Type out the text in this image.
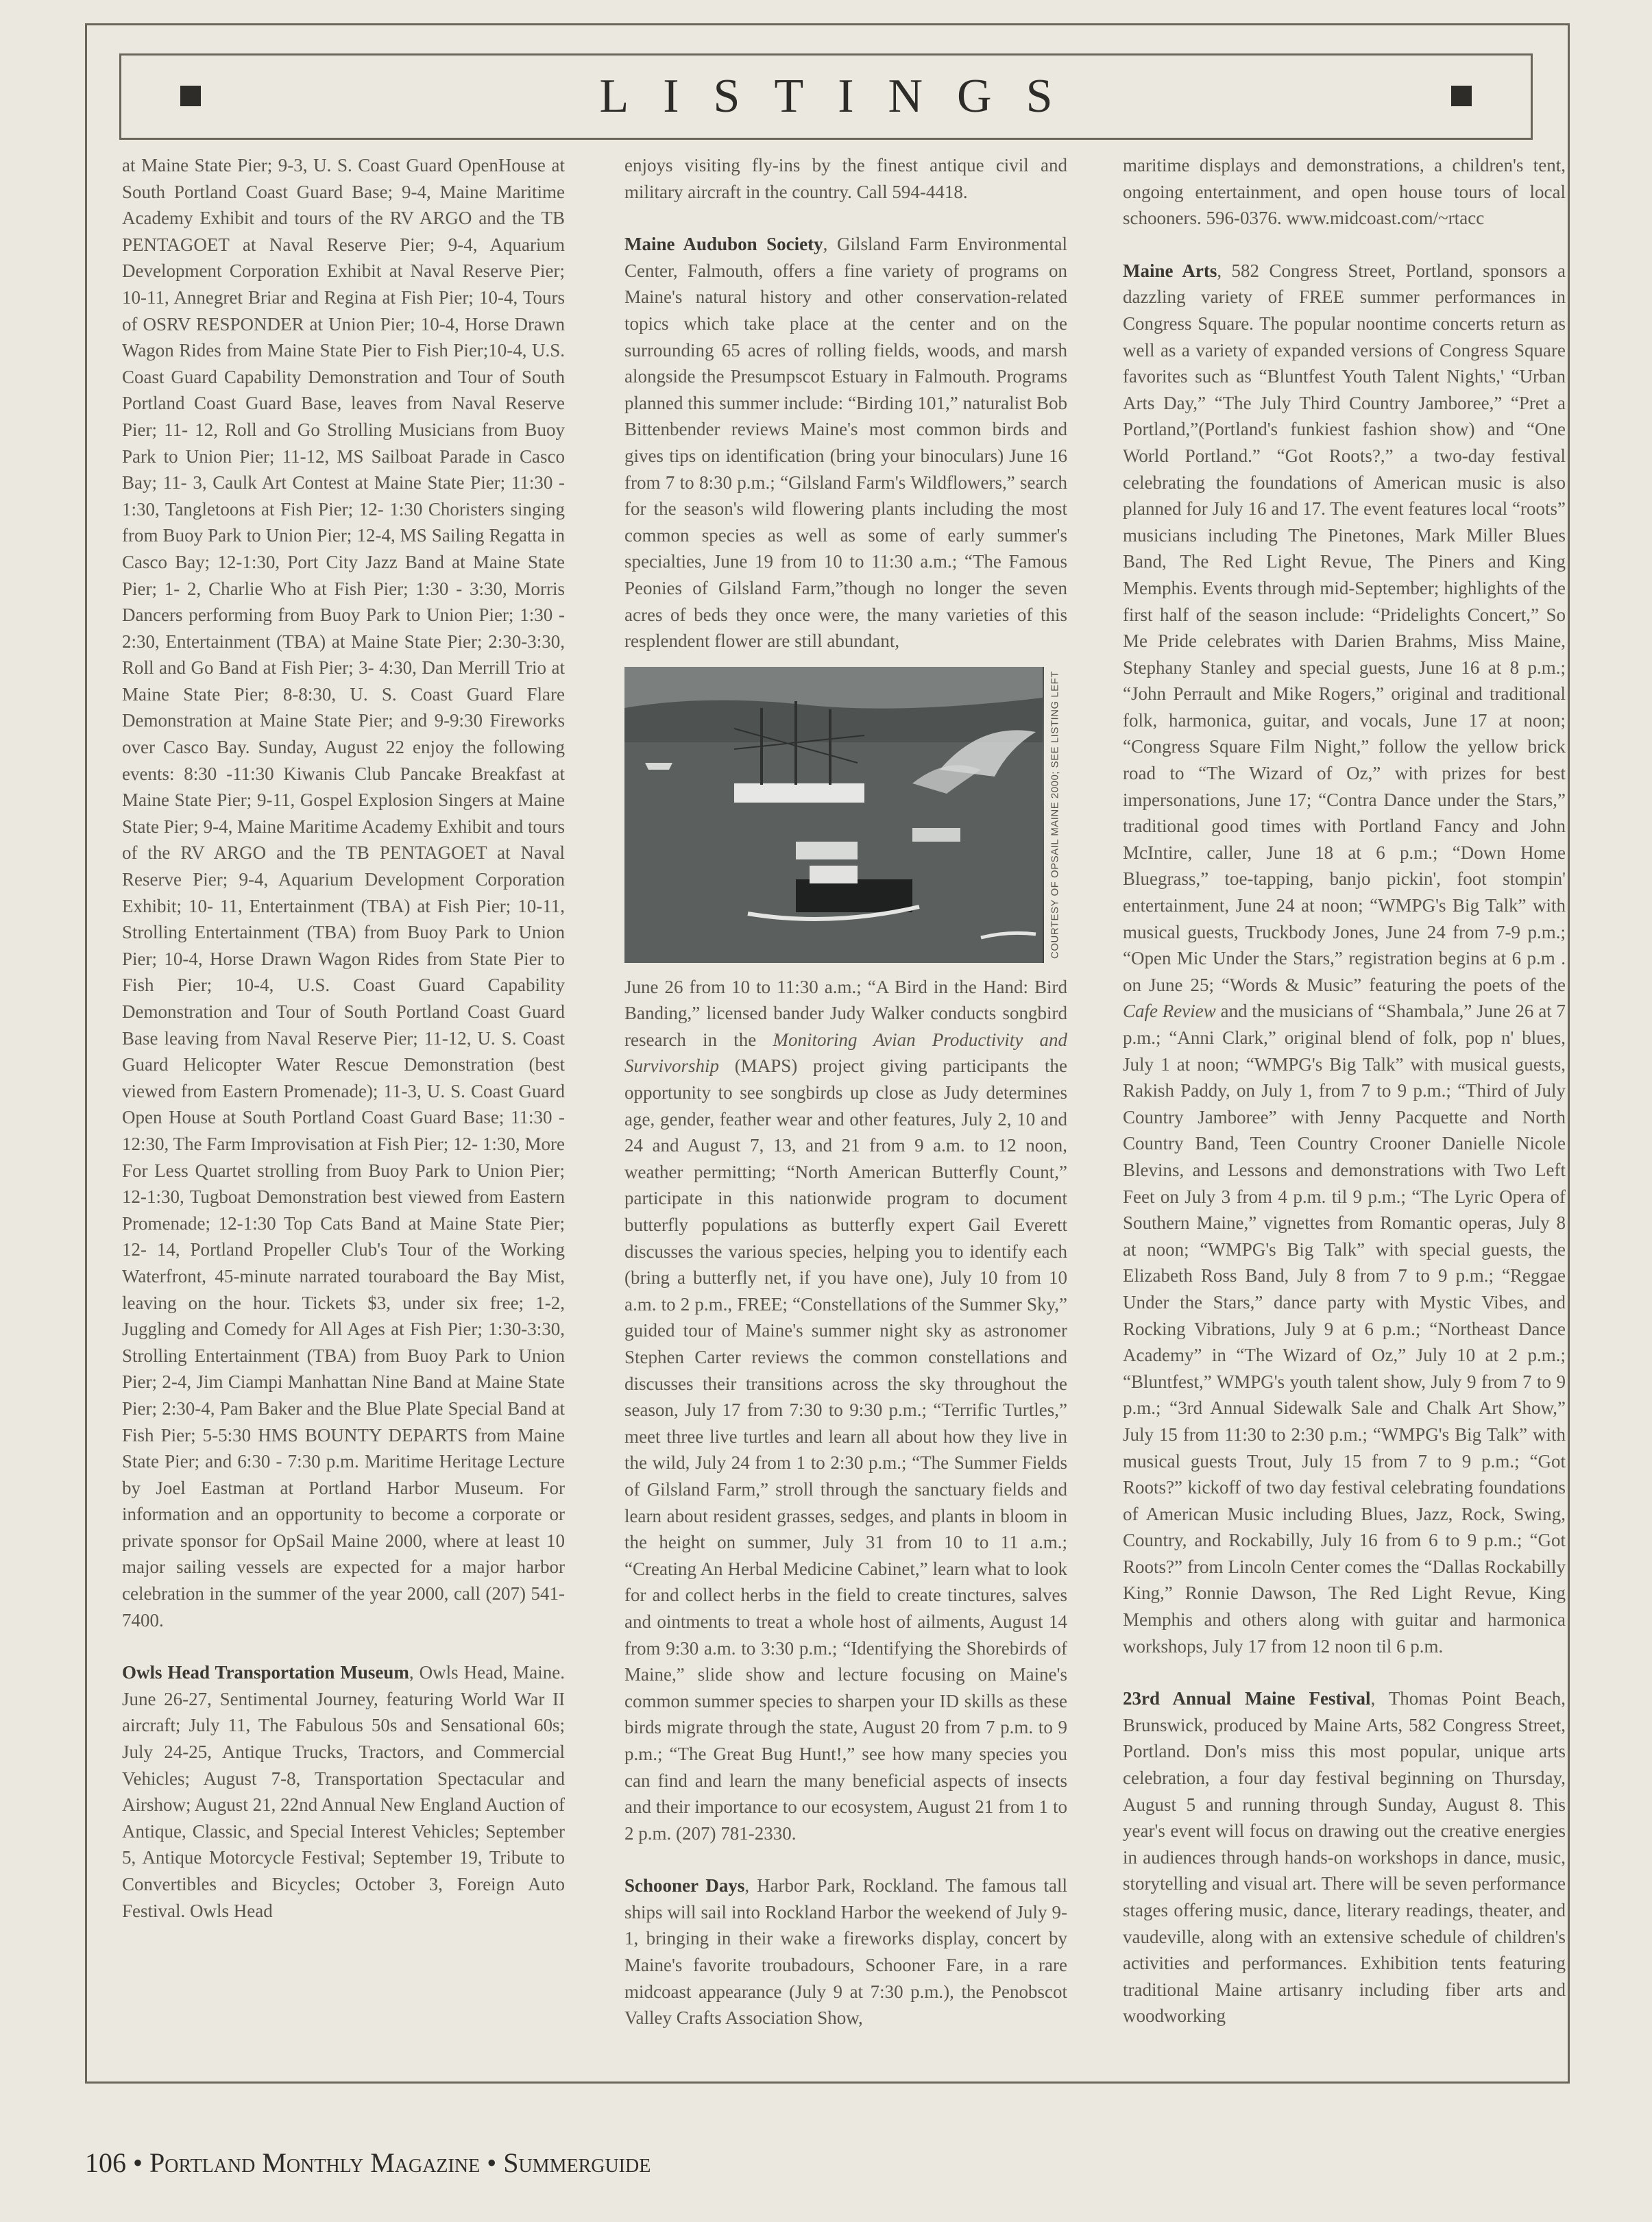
LISTINGS

at Maine State Pier; 9-3, U. S. Coast Guard OpenHouse at South Portland Coast Guard Base; 9-4, Maine Maritime Academy Exhibit and tours of the RV ARGO and the TB PENTAGOET at Naval Reserve Pier; 9-4, Aquarium Development Corporation Exhibit at Naval Reserve Pier; 10-11, Annegret Briar and Regina at Fish Pier; 10-4, Tours of OSRV RESPONDER at Union Pier; 10-4, Horse Drawn Wagon Rides from Maine State Pier to Fish Pier;10-4, U.S. Coast Guard Capability Demonstration and Tour of South Portland Coast Guard Base, leaves from Naval Reserve Pier; 11- 12, Roll and Go Strolling Musicians from Buoy Park to Union Pier; 11-12, MS Sailboat Parade in Casco Bay; 11- 3, Caulk Art Contest at Maine State Pier; 11:30 - 1:30, Tangletoons at Fish Pier; 12- 1:30 Choristers singing from Buoy Park to Union Pier; 12-4, MS Sailing Regatta in Casco Bay; 12-1:30, Port City Jazz Band at Maine State Pier; 1- 2, Charlie Who at Fish Pier; 1:30 - 3:30, Morris Dancers performing from Buoy Park to Union Pier; 1:30 - 2:30, Entertainment (TBA) at Maine State Pier; 2:30-3:30, Roll and Go Band at Fish Pier; 3- 4:30, Dan Merrill Trio at Maine State Pier; 8-8:30, U. S. Coast Guard Flare Demonstration at Maine State Pier; and 9-9:30 Fireworks over Casco Bay. Sunday, August 22 enjoy the following events: 8:30 -11:30 Kiwanis Club Pancake Breakfast at Maine State Pier; 9-11, Gospel Explosion Singers at Maine State Pier; 9-4, Maine Maritime Academy Exhibit and tours of the RV ARGO and the TB PENTAGOET at Naval Reserve Pier; 9-4, Aquarium Development Corporation Exhibit; 10- 11, Entertainment (TBA) at Fish Pier; 10-11, Strolling Entertainment (TBA) from Buoy Park to Union Pier; 10-4, Horse Drawn Wagon Rides from State Pier to Fish Pier; 10-4, U.S. Coast Guard Capability Demonstration and Tour of South Portland Coast Guard Base leaving from Naval Reserve Pier; 11-12, U. S. Coast Guard Helicopter Water Rescue Demonstration (best viewed from Eastern Promenade); 11-3, U. S. Coast Guard Open House at South Portland Coast Guard Base; 11:30 - 12:30, The Farm Improvisation at Fish Pier; 12- 1:30, More For Less Quartet strolling from Buoy Park to Union Pier; 12-1:30, Tugboat Demonstration best viewed from Eastern Promenade; 12-1:30 Top Cats Band at Maine State Pier; 12- 14, Portland Propeller Club's Tour of the Working Waterfront, 45-minute narrated touraboard the Bay Mist, leaving on the hour. Tickets $3, under six free; 1-2, Juggling and Comedy for All Ages at Fish Pier; 1:30-3:30, Strolling Entertainment (TBA) from Buoy Park to Union Pier; 2-4, Jim Ciampi Manhattan Nine Band at Maine State Pier; 2:30-4, Pam Baker and the Blue Plate Special Band at Fish Pier; 5-5:30 HMS BOUNTY DEPARTS from Maine State Pier; and 6:30 - 7:30 p.m. Maritime Heritage Lecture by Joel Eastman at Portland Harbor Museum. For information and an opportunity to become a corporate or private sponsor for OpSail Maine 2000, where at least 10 major sailing vessels are expected for a major harbor celebration in the summer of the year 2000, call (207) 541-7400.

Owls Head Transportation Museum, Owls Head, Maine. June 26-27, Sentimental Journey, featuring World War II aircraft; July 11, The Fabulous 50s and Sensational 60s; July 24-25, Antique Trucks, Tractors, and Commercial Vehicles; August 7-8, Transportation Spectacular and Airshow; August 21, 22nd Annual New England Auction of Antique, Classic, and Special Interest Vehicles; September 5, Antique Motorcycle Festival; September 19, Tribute to Convertibles and Bicycles; October 3, Foreign Auto Festival. Owls Head

enjoys visiting fly-ins by the finest antique civil and military aircraft in the country. Call 594-4418.

Maine Audubon Society, Gilsland Farm Environmental Center, Falmouth, offers a fine variety of programs on Maine's natural history and other conservation-related topics which take place at the center and on the surrounding 65 acres of rolling fields, woods, and marsh alongside the Presumpscot Estuary in Falmouth. Programs planned this summer include: “Birding 101,” naturalist Bob Bittenbender reviews Maine's most common birds and gives tips on identification (bring your binoculars) June 16 from 7 to 8:30 p.m.; “Gilsland Farm's Wildflowers,” search for the season's wild flowering plants including the most common species as well as some of early summer's specialties, June 19 from 10 to 11:30 a.m.; “The Famous Peonies of Gilsland Farm,”though no longer the seven acres of beds they once were, the many varieties of this resplendent flower are still abundant,

COURTESY OF OPSAIL MAINE 2000; SEE LISTING LEFT

June 26 from 10 to 11:30 a.m.; “A Bird in the Hand: Bird Banding,” licensed bander Judy Walker conducts songbird research in the Monitoring Avian Productivity and Survivorship (MAPS) project giving participants the opportunity to see songbirds up close as Judy determines age, gender, feather wear and other features, July 2, 10 and 24 and August 7, 13, and 21 from 9 a.m. to 12 noon, weather permitting; “North American Butterfly Count,” participate in this nationwide program to document butterfly populations as butterfly expert Gail Everett discusses the various species, helping you to identify each (bring a butterfly net, if you have one), July 10 from 10 a.m. to 2 p.m., FREE; “Constellations of the Summer Sky,” guided tour of Maine's summer night sky as astronomer Stephen Carter reviews the common constellations and discusses their transitions across the sky throughout the season, July 17 from 7:30 to 9:30 p.m.; “Terrific Turtles,” meet three live turtles and learn all about how they live in the wild, July 24 from 1 to 2:30 p.m.; “The Summer Fields of Gilsland Farm,” stroll through the sanctuary fields and learn about resident grasses, sedges, and plants in bloom in the height on summer, July 31 from 10 to 11 a.m.; “Creating An Herbal Medicine Cabinet,” learn what to look for and collect herbs in the field to create tinctures, salves and ointments to treat a whole host of ailments, August 14 from 9:30 a.m. to 3:30 p.m.; “Identifying the Shorebirds of Maine,” slide show and lecture focusing on Maine's common summer species to sharpen your ID skills as these birds migrate through the state, August 20 from 7 p.m. to 9 p.m.; “The Great Bug Hunt!,” see how many species you can find and learn the many beneficial aspects of insects and their importance to our ecosystem, August 21 from 1 to 2 p.m. (207) 781-2330.

Schooner Days, Harbor Park, Rockland. The famous tall ships will sail into Rockland Harbor the weekend of July 9-1, bringing in their wake a fireworks display, concert by Maine's favorite troubadours, Schooner Fare, in a rare midcoast appearance (July 9 at 7:30 p.m.), the Penobscot Valley Crafts Association Show,

maritime displays and demonstrations, a children's tent, ongoing entertainment, and open house tours of local schooners. 596-0376. www.midcoast.com/~rtacc

Maine Arts, 582 Congress Street, Portland, sponsors a dazzling variety of FREE summer performances in Congress Square. The popular noontime concerts return as well as a variety of expanded versions of Congress Square favorites such as “Bluntfest Youth Talent Nights,' “Urban Arts Day,” “The July Third Country Jamboree,” “Pret a Portland,”(Portland's funkiest fashion show) and “One World Portland.” “Got Roots?,” a two-day festival celebrating the foundations of American music is also planned for July 16 and 17. The event features local “roots” musicians including The Pinetones, Mark Miller Blues Band, The Red Light Revue, The Piners and King Memphis. Events through mid-September; highlights of the first half of the season include: “Pridelights Concert,” So Me Pride celebrates with Darien Brahms, Miss Maine, Stephany Stanley and special guests, June 16 at 8 p.m.; “John Perrault and Mike Rogers,” original and traditional folk, harmonica, guitar, and vocals, June 17 at noon; “Congress Square Film Night,” follow the yellow brick road to “The Wizard of Oz,” with prizes for best impersonations, June 17; “Contra Dance under the Stars,” traditional good times with Portland Fancy and John McIntire, caller, June 18 at 6 p.m.; “Down Home Bluegrass,” toe-tapping, banjo pickin', foot stompin' entertainment, June 24 at noon; “WMPG's Big Talk” with musical guests, Truckbody Jones, June 24 from 7-9 p.m.; “Open Mic Under the Stars,” registration begins at 6 p.m . on June 25; “Words & Music” featuring the poets of the Cafe Review and the musicians of “Shambala,” June 26 at 7 p.m.; “Anni Clark,” original blend of folk, pop n' blues, July 1 at noon; “WMPG's Big Talk” with musical guests, Rakish Paddy, on July 1, from 7 to 9 p.m.; “Third of July Country Jamboree” with Jenny Pacquette and North Country Band, Teen Country Crooner Danielle Nicole Blevins, and Lessons and demonstrations with Two Left Feet on July 3 from 4 p.m. til 9 p.m.; “The Lyric Opera of Southern Maine,” vignettes from Romantic operas, July 8 at noon; “WMPG's Big Talk” with special guests, the Elizabeth Ross Band, July 8 from 7 to 9 p.m.; “Reggae Under the Stars,” dance party with Mystic Vibes, and Rocking Vibrations, July 9 at 6 p.m.; “Northeast Dance Academy” in “The Wizard of Oz,” July 10 at 2 p.m.; “Bluntfest,” WMPG's youth talent show, July 9 from 7 to 9 p.m.; “3rd Annual Sidewalk Sale and Chalk Art Show,” July 15 from 11:30 to 2:30 p.m.; “WMPG's Big Talk” with musical guests Trout, July 15 from 7 to 9 p.m.; “Got Roots?” kickoff of two day festival celebrating foundations of American Music including Blues, Jazz, Rock, Swing, Country, and Rockabilly, July 16 from 6 to 9 p.m.; “Got Roots?” from Lincoln Center comes the “Dallas Rockabilly King,” Ronnie Dawson, The Red Light Revue, King Memphis and others along with guitar and harmonica workshops, July 17 from 12 noon til 6 p.m.

23rd Annual Maine Festival, Thomas Point Beach, Brunswick, produced by Maine Arts, 582 Congress Street, Portland. Don's miss this most popular, unique arts celebration, a four day festival beginning on Thursday, August 5 and running through Sunday, August 8. This year's event will focus on drawing out the creative energies in audiences through hands-on workshops in dance, music, storytelling and visual art. There will be seven performance stages offering music, dance, literary readings, theater, and vaudeville, along with an extensive schedule of children's activities and performances. Exhibition tents featuring traditional Maine artisanry including fiber arts and woodworking

106 • Portland Monthly Magazine • Summerguide
